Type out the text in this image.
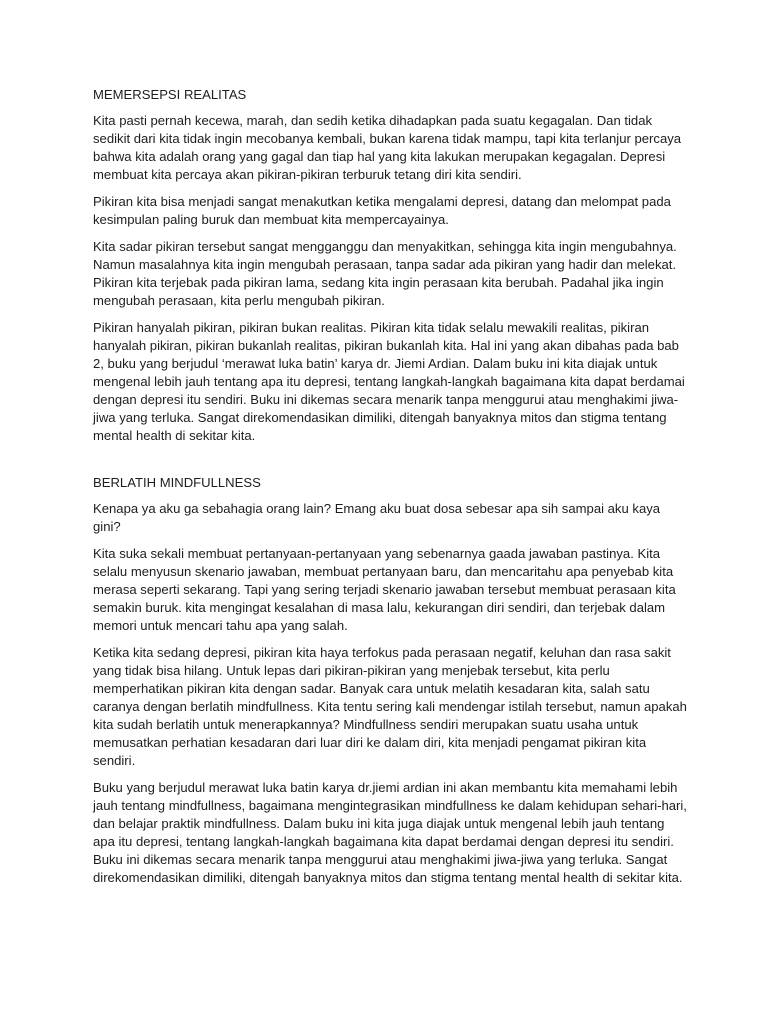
MEMERSEPSI REALITAS

Kita pasti pernah kecewa, marah, dan sedih ketika dihadapkan pada suatu kegagalan. Dan tidak sedikit dari kita tidak ingin mecobanya kembali, bukan karena tidak mampu, tapi kita terlanjur percaya bahwa kita adalah orang yang gagal dan tiap hal yang kita lakukan merupakan kegagalan. Depresi membuat kita percaya akan pikiran-pikiran terburuk tetang diri kita sendiri.

Pikiran kita bisa menjadi sangat menakutkan ketika mengalami depresi, datang dan melompat pada kesimpulan paling buruk dan membuat kita mempercayainya.

Kita sadar pikiran tersebut sangat mengganggu dan menyakitkan, sehingga kita ingin mengubahnya. Namun masalahnya kita ingin mengubah perasaan, tanpa sadar ada pikiran yang hadir dan melekat. Pikiran kita terjebak pada pikiran lama, sedang kita ingin perasaan kita berubah. Padahal jika ingin mengubah perasaan, kita perlu mengubah pikiran.

Pikiran hanyalah pikiran, pikiran bukan realitas. Pikiran kita tidak selalu mewakili realitas, pikiran hanyalah pikiran, pikiran bukanlah realitas, pikiran bukanlah kita. Hal ini yang akan dibahas pada bab 2, buku yang berjudul ‘merawat luka batin’ karya dr. Jiemi Ardian. Dalam buku ini kita diajak untuk mengenal lebih jauh tentang apa itu depresi, tentang langkah-langkah bagaimana kita dapat berdamai dengan depresi itu sendiri. Buku ini dikemas secara menarik tanpa menggurui atau menghakimi jiwa-jiwa yang terluka. Sangat direkomendasikan dimiliki, ditengah banyaknya mitos dan stigma tentang mental health di sekitar kita.

BERLATIH MINDFULLNESS

Kenapa ya aku ga sebahagia orang lain? Emang aku buat dosa sebesar apa sih sampai aku kaya gini?

Kita suka sekali membuat pertanyaan-pertanyaan yang sebenarnya gaada jawaban pastinya. Kita selalu menyusun skenario jawaban, membuat pertanyaan baru, dan mencaritahu apa penyebab kita merasa seperti sekarang. Tapi yang sering terjadi skenario jawaban tersebut membuat perasaan kita semakin buruk. kita mengingat kesalahan di masa lalu, kekurangan diri sendiri, dan terjebak dalam memori untuk mencari tahu apa yang salah.

Ketika kita sedang depresi, pikiran kita haya terfokus pada perasaan negatif, keluhan dan rasa sakit yang tidak bisa hilang. Untuk lepas dari pikiran-pikiran yang menjebak tersebut, kita perlu memperhatikan pikiran kita dengan sadar. Banyak cara untuk melatih kesadaran kita, salah satu caranya dengan berlatih mindfullness. Kita tentu sering kali mendengar istilah tersebut, namun apakah kita sudah berlatih untuk menerapkannya? Mindfullness sendiri merupakan suatu usaha untuk memusatkan perhatian kesadaran dari luar diri ke dalam diri, kita menjadi pengamat pikiran kita sendiri.

Buku yang berjudul merawat luka batin karya dr.jiemi ardian ini akan membantu kita memahami lebih jauh tentang mindfullness, bagaimana mengintegrasikan mindfullness ke dalam kehidupan sehari-hari, dan belajar praktik mindfullness. Dalam buku ini kita juga diajak untuk mengenal lebih jauh tentang apa itu depresi, tentang langkah-langkah bagaimana kita dapat berdamai dengan depresi itu sendiri. Buku ini dikemas secara menarik tanpa menggurui atau menghakimi jiwa-jiwa yang terluka. Sangat direkomendasikan dimiliki, ditengah banyaknya mitos dan stigma tentang mental health di sekitar kita.
